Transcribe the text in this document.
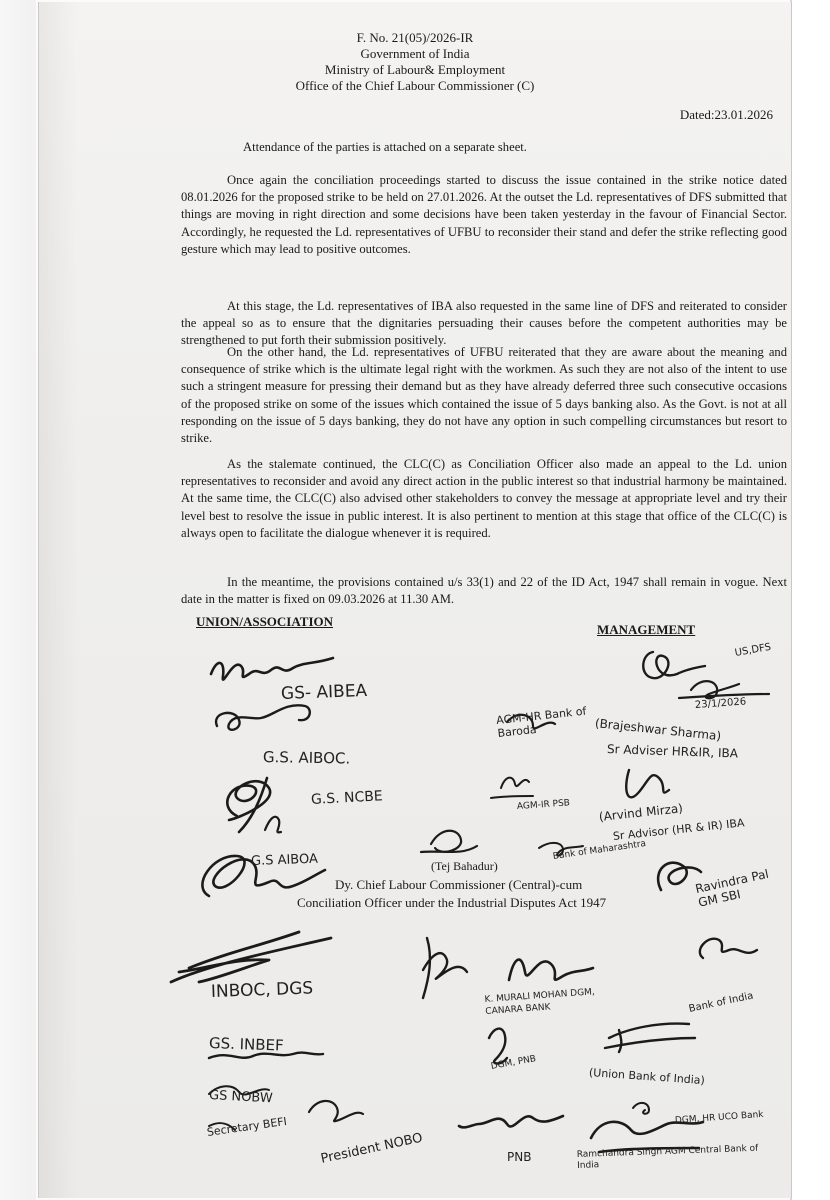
F. No. 21(05)/2026-IR
Government of India
Ministry of Labour& Employment
Office of the Chief Labour Commissioner (C)
Dated:23.01.2026

Attendance of the parties is attached on a separate sheet.

Once again the conciliation proceedings started to discuss the issue contained in the strike notice dated 08.01.2026 for the proposed strike to be held on 27.01.2026. At the outset the Ld. representatives of DFS submitted that things are moving in right direction and some decisions have been taken yesterday in the favour of Financial Sector. Accordingly, he requested the Ld. representatives of UFBU to reconsider their stand and defer the strike reflecting good gesture which may lead to positive outcomes.

At this stage, the Ld. representatives of IBA also requested in the same line of DFS and reiterated to consider the appeal so as to ensure that the dignitaries persuading their causes before the competent authorities may be strengthened to put forth their submission positively.

On the other hand, the Ld. representatives of UFBU reiterated that they are aware about the meaning and consequence of strike which is the ultimate legal right with the workmen. As such they are not also of the intent to use such a stringent measure for pressing their demand but as they have already deferred three such consecutive occasions of the proposed strike on some of the issues which contained the issue of 5 days banking also. As the Govt. is not at all responding on the issue of 5 days banking, they do not have any option in such compelling circumstances but resort to strike.

As the stalemate continued, the CLC(C) as Conciliation Officer also made an appeal to the Ld. union representatives to reconsider and avoid any direct action in the public interest so that industrial harmony be maintained. At the same time, the CLC(C) also advised other stakeholders to convey the message at appropriate level and try their level best to resolve the issue in public interest. It is also pertinent to mention at this stage that office of the CLC(C) is always open to facilitate the dialogue whenever it is required.

In the meantime, the provisions contained u/s 33(1) and 22 of the ID Act, 1947 shall remain in vogue. Next date in the matter is fixed on 09.03.2026 at 11.30 AM.

UNION/ASSOCIATION
MANAGEMENT
GS- AIBEA
G.S. AIBOC.
G.S. NCBE
G.S AIBOA
INBOC, DGS
GS. INBEF
GS NOBW
Secretary BEFI
President NOBO
US,DFS
23/1/2026
AGM-HR Bank of Baroda	(Brajeshwar Sharma)
Sr Adviser HR&IR, IBA
AGM-IR PSB	(Arvind Mirza)
Sr Advisor (HR & IR) IBA
Bank of Maharashtra
Ravindra Pal GM SBI
K. MURALI MOHAN DGM, CANARA BANK	Bank of India
DGM, PNB
(Union Bank of India)
DGM, HR UCO Bank
PNB	Ramchandra Singh AGM Central Bank of India
(Tej Bahadur)
Dy. Chief Labour Commissioner (Central)-cum
Conciliation Officer under the Industrial Disputes Act 1947
